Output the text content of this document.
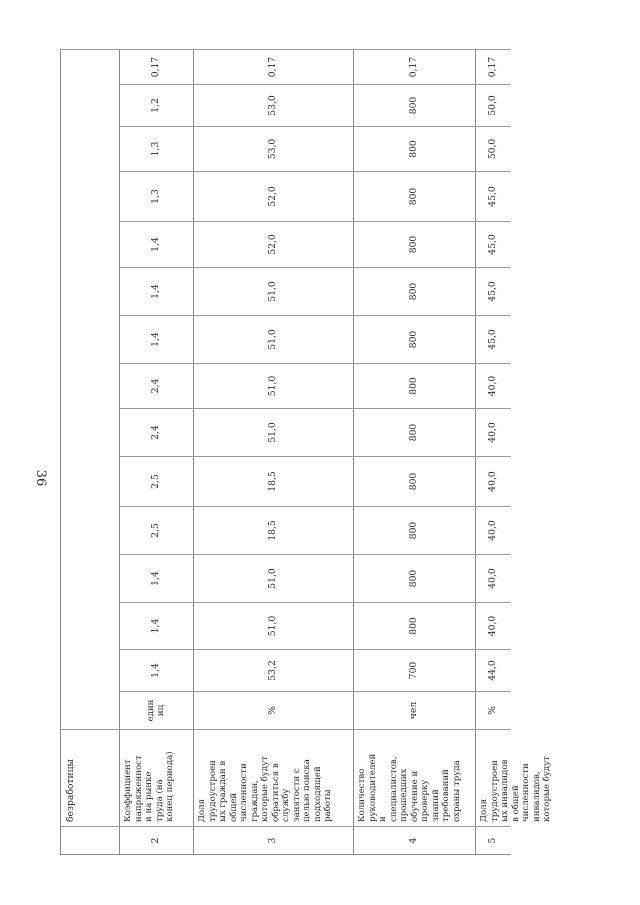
36
безработицы
2
Коэффициент напряженност и на рынке труда (на конец периода)
един
иц
1,4
1,4
1,4
2,5
2,5
2,4
2,4
1,4
1,4
1,4
1,3
1,3
1,2
0,17
3
Доля трудоустроен ых граждан в общей численности граждан, которые будут обратиться в службу занятости с целью поиска подходящей работы
%
53,2
51,0
51,0
18,5
18,5
51,0
51,0
51,0
51,0
52,0
52,0
53,0
53,0
0,17
4
Количество руководителей и специалистов, прошедших обучение и проверку знаний требований охраны труда
чел
700
800
800
800
800
800
800
800
800
800
800
800
800
0,17
5
Доля трудоустроен ых инвалидов в общей численности инвалидов, которые будут
%
44,0
40,0
40,0
40,0
40,0
40,0
40,0
45,0
45,0
45,0
45,0
50,0
50,0
0,17
